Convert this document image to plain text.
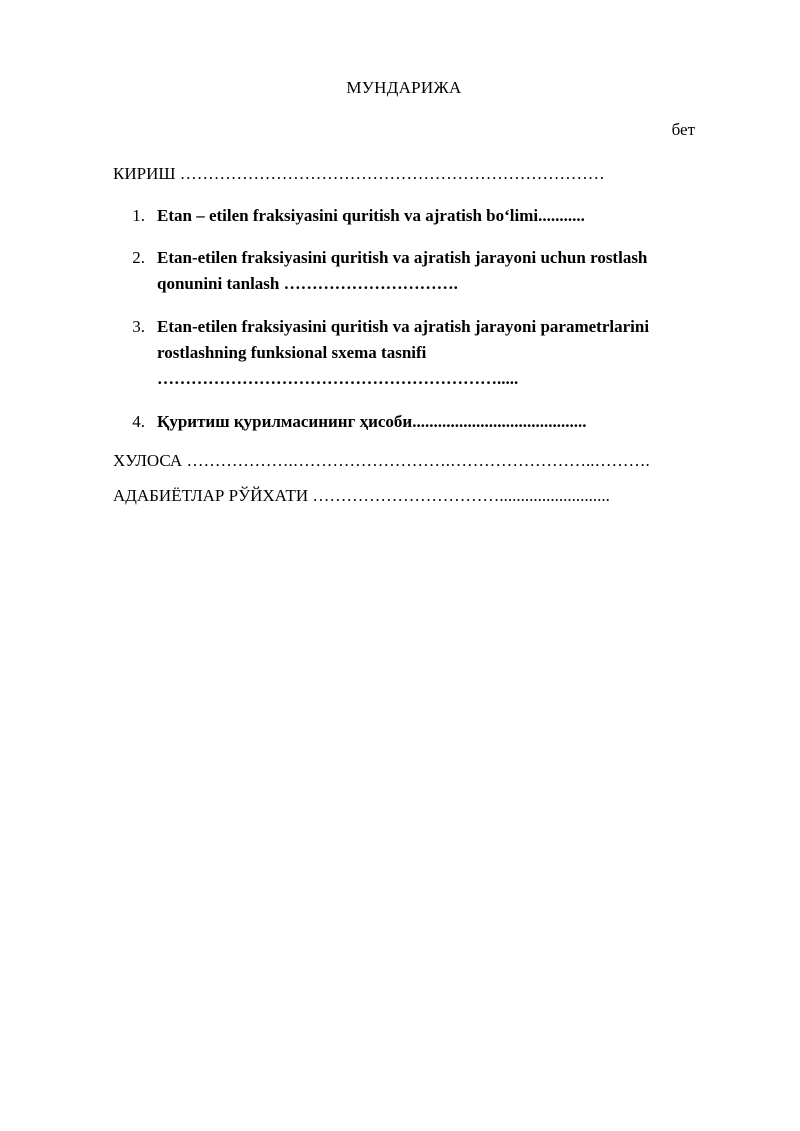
МУНДАРИЖА
бет
КИРИШ …………………………………………………………………
1. Etan – etilen fraksiyasini quritish va ajratish bo‘limi...........
2. Etan-etilen fraksiyasini quritish va ajratish jarayoni uchun rostlash qonunini tanlash ………………………….
3. Etan-etilen fraksiyasini quritish va ajratish jarayoni parametrlarini rostlashning funksional sxema tasnifi …………………………………………………….....
4. Қуритиш қурилмасининг ҳисоби.........................................
ХУЛОСА ……………….……………………….……………………..……….
АДАБИЁТЛАР РЎЙХАТИ ……………………………..........................
